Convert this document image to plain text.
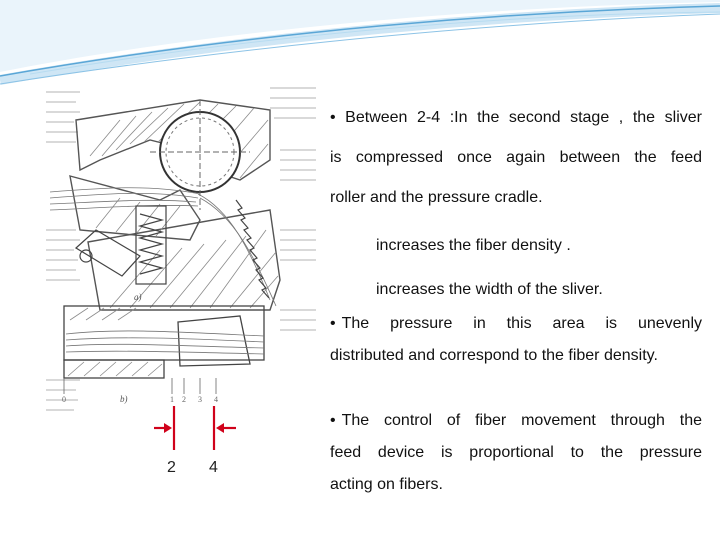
a)
0	1 2 3 4
b)
2 4
• Between 2-4 :In the second stage , the sliver
is compressed once again between the feed
roller and the pressure cradle.
increases the fiber density .
increases the width of the sliver.
• The pressure in this area is unevenly
distributed and correspond to the fiber density.
• The control of fiber movement through the
feed device is proportional to the pressure
acting on fibers.
